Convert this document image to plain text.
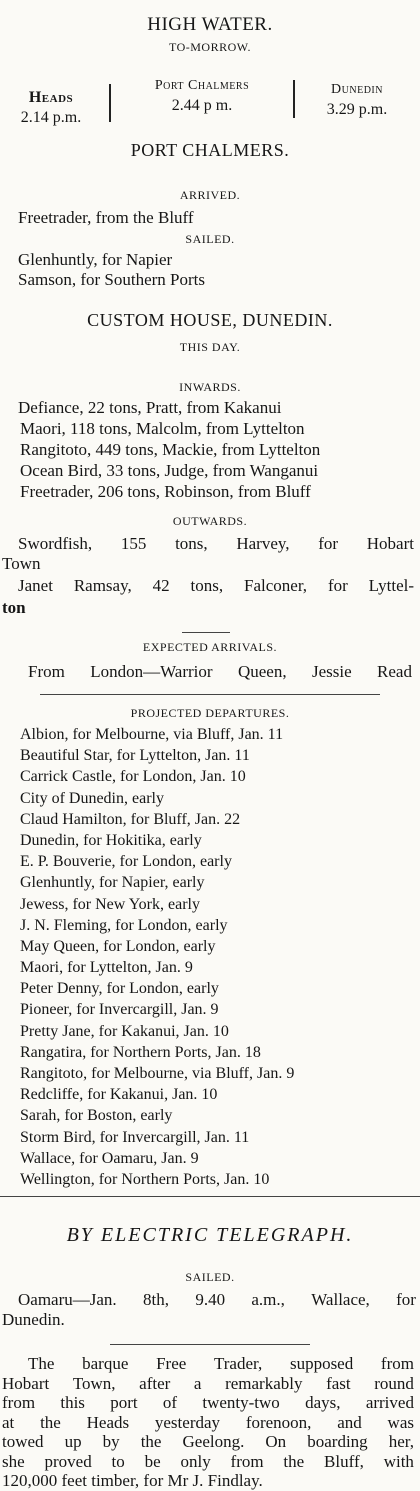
HIGH WATER.
TO-MORROW.
Heads
2.14 p.m.
Port Chalmers
2.44 p m.
Dunedin
3.29 p.m.
PORT CHALMERS.
ARRIVED.
Freetrader, from the Bluff
SAILED.
Glenhuntly, for Napier
Samson, for Southern Ports
CUSTOM HOUSE, DUNEDIN.
THIS DAY.
INWARDS.
Defiance, 22 tons, Pratt, from Kakanui
Maori, 118 tons, Malcolm, from Lyttelton
Rangitoto, 449 tons, Mackie, from Lyttelton
Ocean Bird, 33 tons, Judge, from Wanganui
Freetrader, 206 tons, Robinson, from Bluff
OUTWARDS.
Swordfish, 155 tons, Harvey, for Hobart
Town
Janet Ramsay, 42 tons, Falconer, for Lyttel-
ton
EXPECTED ARRIVALS.
From London—Warrior Queen, Jessie Read
PROJECTED DEPARTURES.
Albion, for Melbourne, via Bluff, Jan. 11
Beautiful Star, for Lyttelton, Jan. 11
Carrick Castle, for London, Jan. 10
City of Dunedin, early
Claud Hamilton, for Bluff, Jan. 22
Dunedin, for Hokitika, early
E. P. Bouverie, for London, early
Glenhuntly, for Napier, early
Jewess, for New York, early
J. N. Fleming, for London, early
May Queen, for London, early
Maori, for Lyttelton, Jan. 9
Peter Denny, for London, early
Pioneer, for Invercargill, Jan. 9
Pretty Jane, for Kakanui, Jan. 10
Rangatira, for Northern Ports, Jan. 18
Rangitoto, for Melbourne, via Bluff, Jan. 9
Redcliffe, for Kakanui, Jan. 10
Sarah, for Boston, early
Storm Bird, for Invercargill, Jan. 11
Wallace, for Oamaru, Jan. 9
Wellington, for Northern Ports, Jan. 10
BY ELECTRIC TELEGRAPH.
SAILED.
Oamaru—Jan. 8th, 9.40 a.m., Wallace, for
Dunedin.
The barque Free Trader, supposed from
Hobart Town, after a remarkably fast round
from this port of twenty-two days, arrived
at the Heads yesterday forenoon, and was
towed up by the Geelong. On boarding her,
she proved to be only from the Bluff, with
120,000 feet timber, for Mr J. Findlay.
